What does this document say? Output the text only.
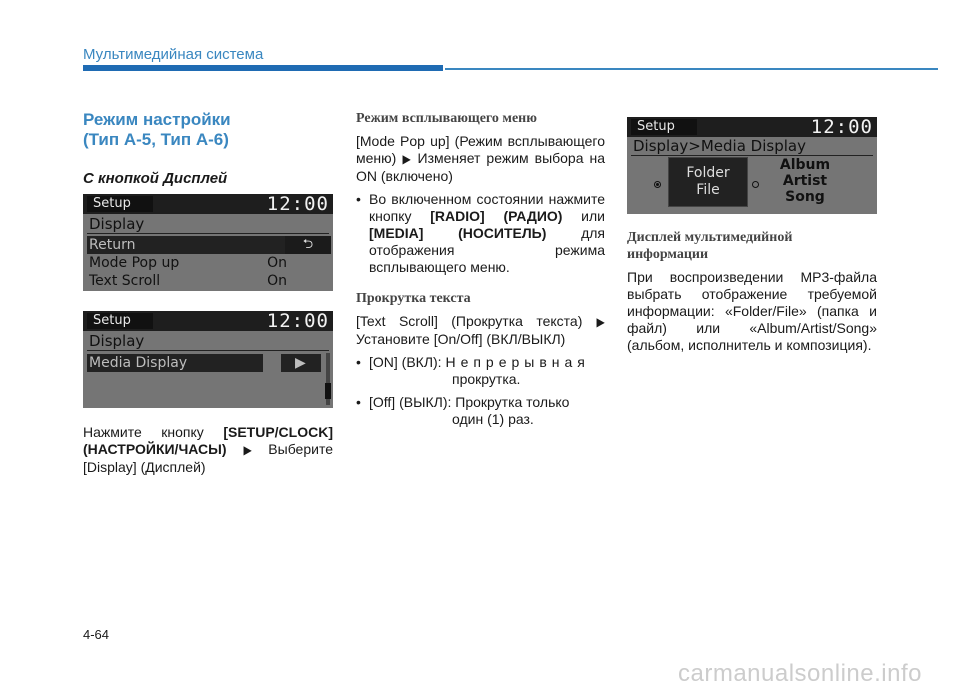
Мультимедийная система
Режим настройки
(Тип A-5, Тип A-6)
С кнопкой Дисплей
Setup	12:00
Display
Return	⮌
Mode Pop up	On
Text Scroll	On
Setup	12:00
Display
Media Display	▶
Нажмите кнопку [SETUP/CLOCK] (НАСТРОЙКИ/ЧАСЫ) ▶ Выберите [Display] (Дисплей)
Режим всплывающего меню
[Mode Pop up] (Режим всплывающего меню) ▶ Изменяет режим выбора на ON (включено)
• Во включенном состоянии нажмите кнопку [RADIO] (РАДИО) или [MEDIA] (НОСИТЕЛЬ) для отображения режима всплывающего меню.
Прокрутка текста
[Text Scroll] (Прокрутка текста) ▶ Установите [On/Off] (ВКЛ/ВЫКЛ)
• [ON] (ВКЛ): Непрерывная
прокрутка.
• [Off] (ВЫКЛ): Прокрутка только
один (1) раз.
Setup	12:00
Display>Media Display
Folder
File
Album
Artist
Song
Дисплей мультимедийной
информации
При воспроизведении MP3-файла выбрать отображение требуемой информации: «Folder/File» (папка и файл) или «Album/Artist/Song» (альбом, исполнитель и композиция).
4-64
carmanualsonline.info
